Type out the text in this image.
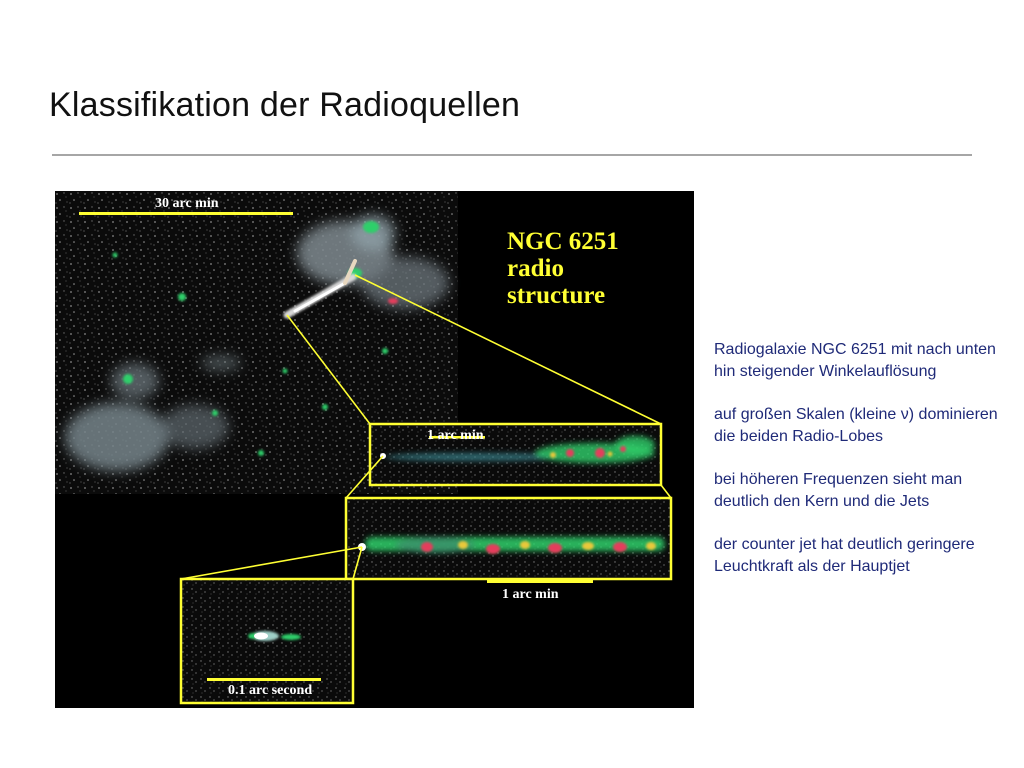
Klassifikation der Radioquellen
30 arc min
NGC 6251 radio structure
1 arc min
1 arc min
0.1 arc second

Radiogalaxie NGC 6251 mit nach unten hin steigender Winkelauflösung

auf großen Skalen (kleine ν) dominieren die beiden Radio-Lobes

bei höheren Frequenzen sieht man deutlich den Kern und die Jets

der counter jet hat deutlich geringere Leuchtkraft als der Hauptjet
